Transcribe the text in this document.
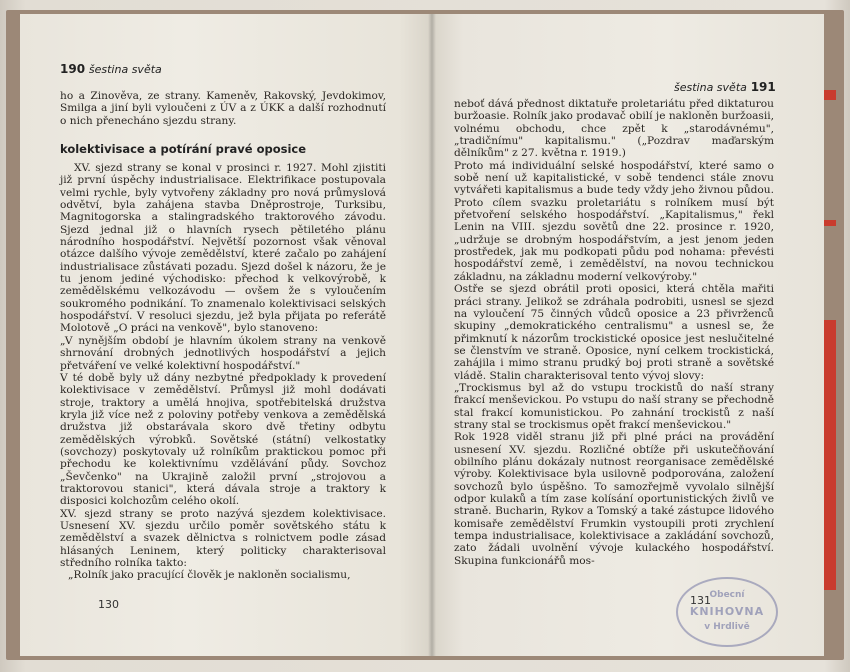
190 šestina světa
ho a Zinověva, ze strany. Kameněv, Rakovský, Jevdokimov, Smilga a jiní byli vyloučeni z ÚV a z ÚKK a další rozhodnutí o nich přenecháno sjezdu strany.
kolektivisace a potírání pravé oposice

XV. sjezd strany se konal v prosinci r. 1927. Mohl zjistiti již první úspěchy industrialisace. Elektrifikace postupovala velmi rychle, byly vytvořeny základny pro nová průmyslová odvětví, byla zahájena stavba Dněprostroje, Turksibu, Magnitogorska a stalingradského traktorového závodu. Sjezd jednal již o hlavních rysech pětiletého plánu národního hospodářství. Největší pozornost však věnoval otázce dalšího vývoje zemědělství, které začalo po zahájení industrialisace zůstávati pozadu. Sjezd došel k názoru, že je tu jenom jediné východisko: přechod k velkovýrobě, k zemědělskému velkozávodu — ovšem že s vyloučením soukromého podnikání. To znamenalo kolektivisaci selských hospodářství. V resoluci sjezdu, jež byla přijata po referátě Molotově „O práci na venkově", bylo stanoveno:

„V nynějším období je hlavním úkolem strany na venkově shrnování drobných jednotlivých hospodářství a jejich přetváření ve velké kolektivní hospodářství."

V té době byly už dány nezbytné předpoklady k provedení kolektivisace v zemědělství. Průmysl již mohl dodávati stroje, traktory a umělá hnojiva, spotřebitelská družstva kryla již více než z poloviny potřeby venkova a zemědělská družstva již obstarávala skoro dvě třetiny odbytu zemědělských výrobků. Sovětské (státní) velkostatky (sovchozy) poskytovaly už rolníkům praktickou pomoc při přechodu ke kolektivnímu vzdělávání půdy. Sovchoz „Ševčenko" na Ukrajině založil první „strojovou a traktorovou stanici", která dávala stroje a traktory k disposici kolchozům celého okolí.

XV. sjezd strany se proto nazývá sjezdem kolektivisace. Usnesení XV. sjezdu určilo poměr sovětského státu k zemědělství a svazek dělnictva s rolnictvem podle zásad hlásaných Leninem, který politicky charakterisoval středního rolníka takto:

„Rolník jako pracující člověk je nakloněn socialismu,

130
šestina světa 191

neboť dává přednost diktatuře proletariátu před diktaturou buržoasie. Rolník jako prodavač obilí je nakloněn buržoasii, volnému obchodu, chce zpět k „starodávnému", „tradičnímu" kapitalismu." („Pozdrav maďarským dělníkům" z 27. května r. 1919.)

Proto má individuální selské hospodářství, které samo o sobě není už kapitalistické, v sobě tendenci stále znovu vytvářeti kapitalismus a bude tedy vždy jeho živnou půdou. Proto cílem svazku proletariátu s rolníkem musí být přetvoření selského hospodářství. „Kapitalismus," řekl Lenin na VIII. sjezdu sovětů dne 22. prosince r. 1920, „udržuje se drobným hospodářstvím, a jest jenom jeden prostředek, jak mu podkopati půdu pod nohama: převésti hospodářství země, i zemědělství, na novou technickou základnu, na základnu moderní velkovýroby."

Ostře se sjezd obrátil proti oposici, která chtěla mařiti práci strany. Jelikož se zdráhala podrobiti, usnesl se sjezd na vyloučení 75 činných vůdců oposice a 23 přivrženců skupiny „demokratického centralismu" a usnesl se, že přimknutí k názorům trockistické oposice jest neslučitelné se členstvím ve straně. Oposice, nyní celkem trockistická, zahájila i mimo stranu prudký boj proti straně a sovětské vládě. Stalin charakterisoval tento vývoj slovy:

„Trockismus byl až do vstupu trockistů do naší strany frakcí menševickou. Po vstupu do naší strany se přechodně stal frakcí komunistickou. Po zahnání trockistů z naší strany stal se trockismus opět frakcí menševickou."

Rok 1928 viděl stranu již při plné práci na provádění usnesení XV. sjezdu. Rozličné obtíže při uskutečňování obilního plánu dokázaly nutnost reorganisace zemědělské výroby. Kolektivisace byla usilovně podporována, založení sovchozů bylo úspěšno. To samozřejmě vyvolalo silnější odpor kulaků a tím zase kolísání oportunistických živlů ve straně. Bucharin, Rykov a Tomský a také zástupce lidového komisaře zemědělství Frumkin vystoupili proti zrychlení tempa industrialisace, kolektivisace a zakládání sovchozů, zato žádali uvolnění vývoje kulackého hospodářství. Skupina funkcionářů mos-

131
Obecní
KNIHOVNA
v Hrdlivě
